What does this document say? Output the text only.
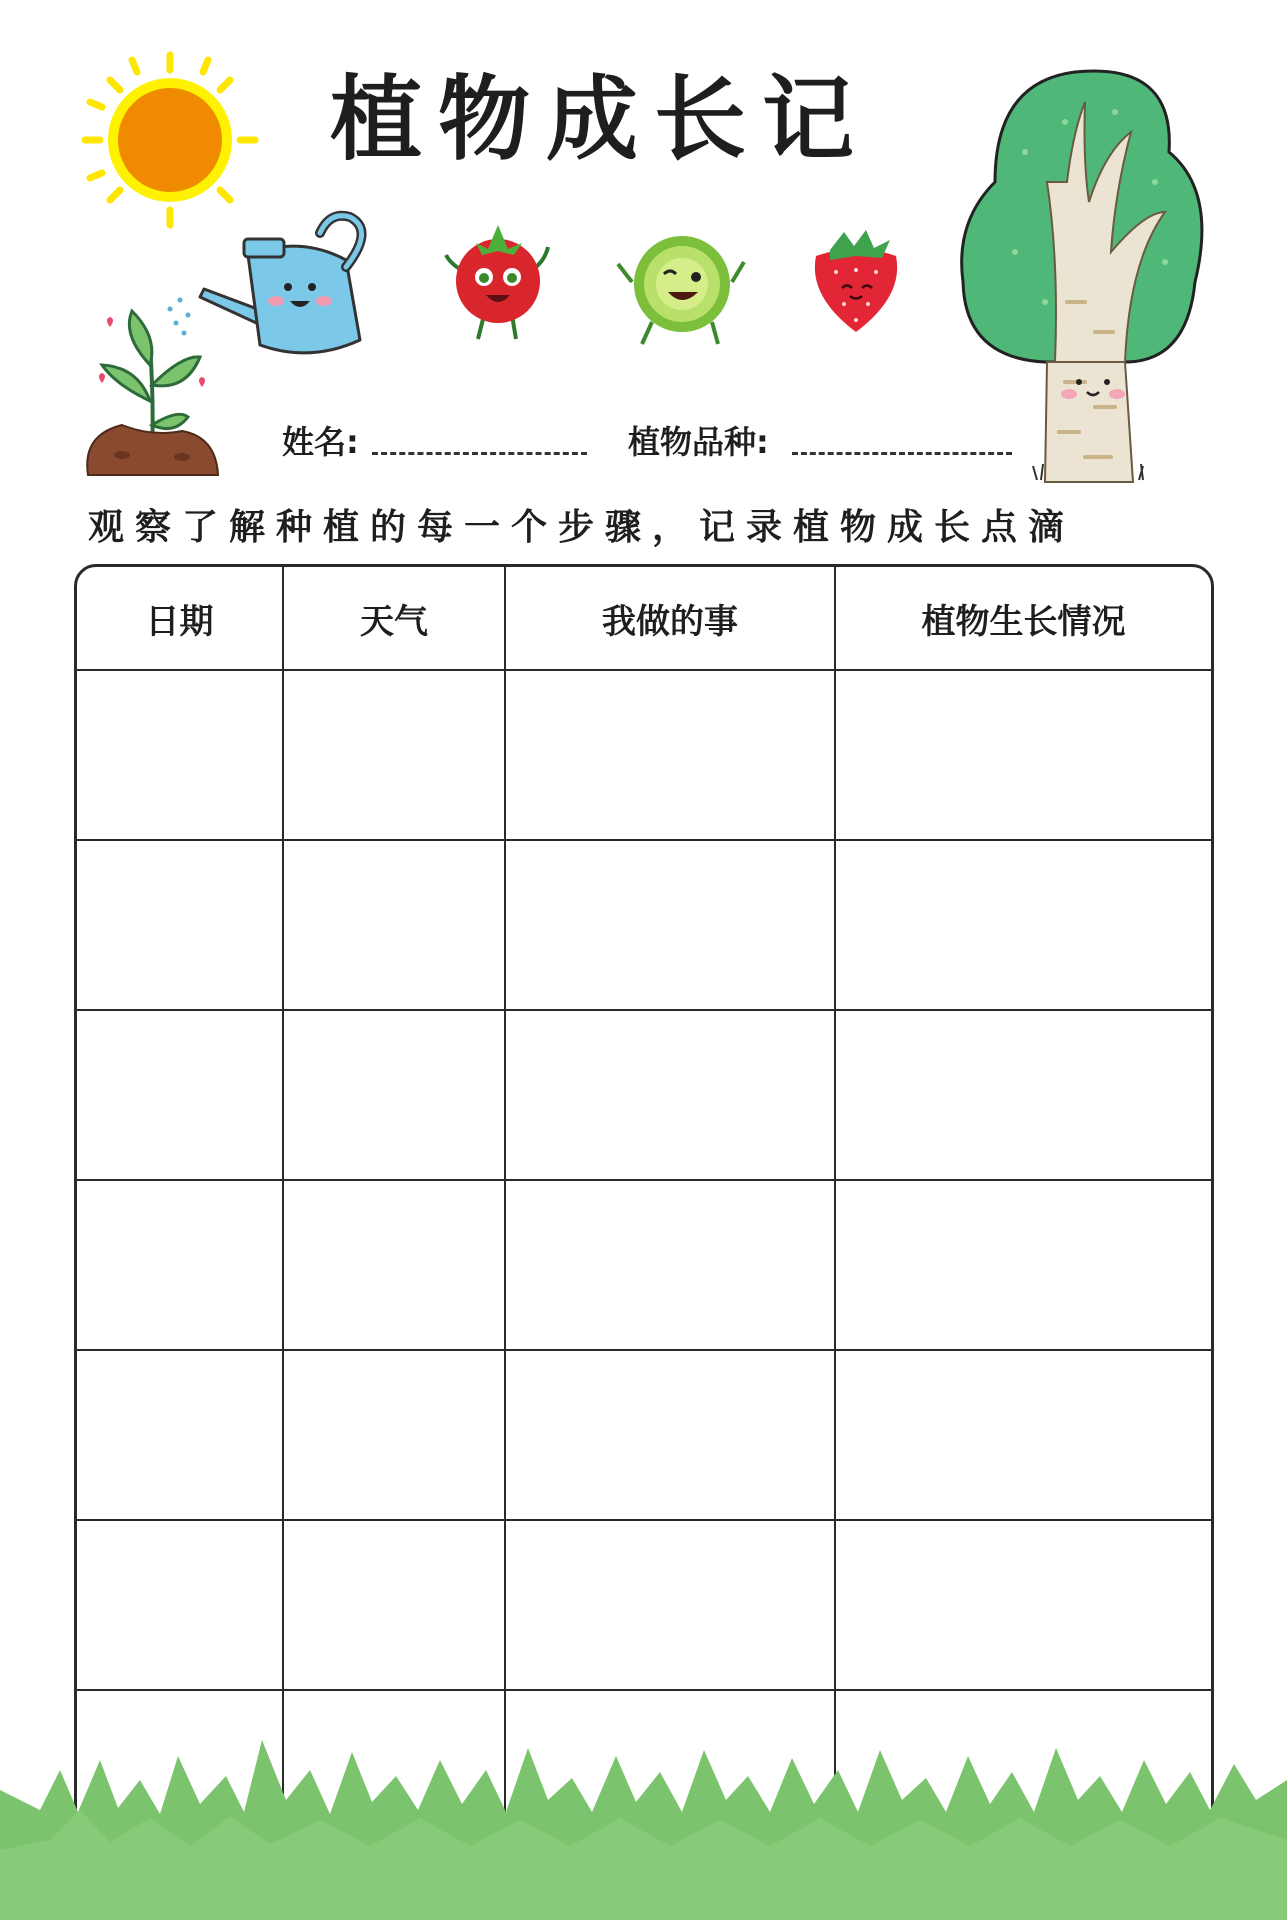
植物成长记
姓名:	植物品种:
观察了解种植的每一个步骤，记录植物成长点滴
日期	天气	我做的事	植物生长情况
